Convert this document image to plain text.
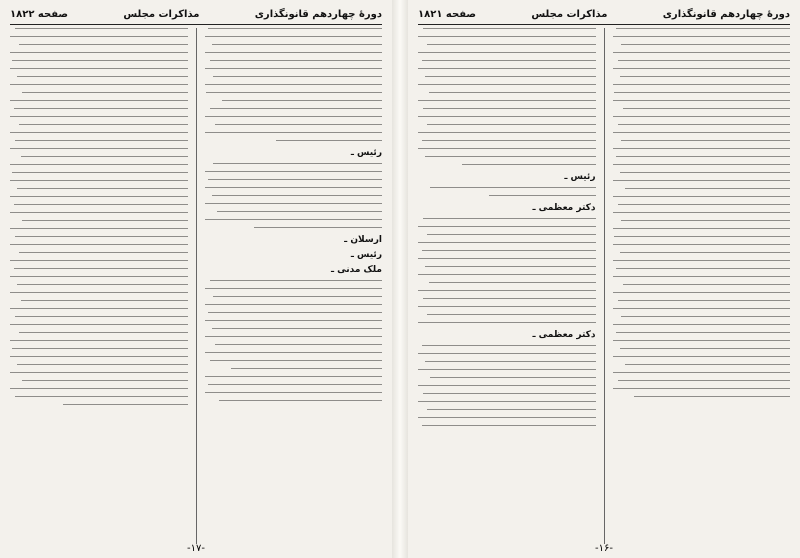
دورهٔ چهاردهم قانونگذاری
مذاکرات مجلس
صفحه ۱۸۲۲
رئیس ـ
ارسلان ـ
رئیس ـ
ملک مدنی ـ
-۱۷-
دورهٔ چهاردهم قانونگذاری
مذاکرات مجلس
صفحه ۱۸۲۱
رئیس ـ
دکتر معظمی ـ
دکتر معظمی ـ
-۱۶-
